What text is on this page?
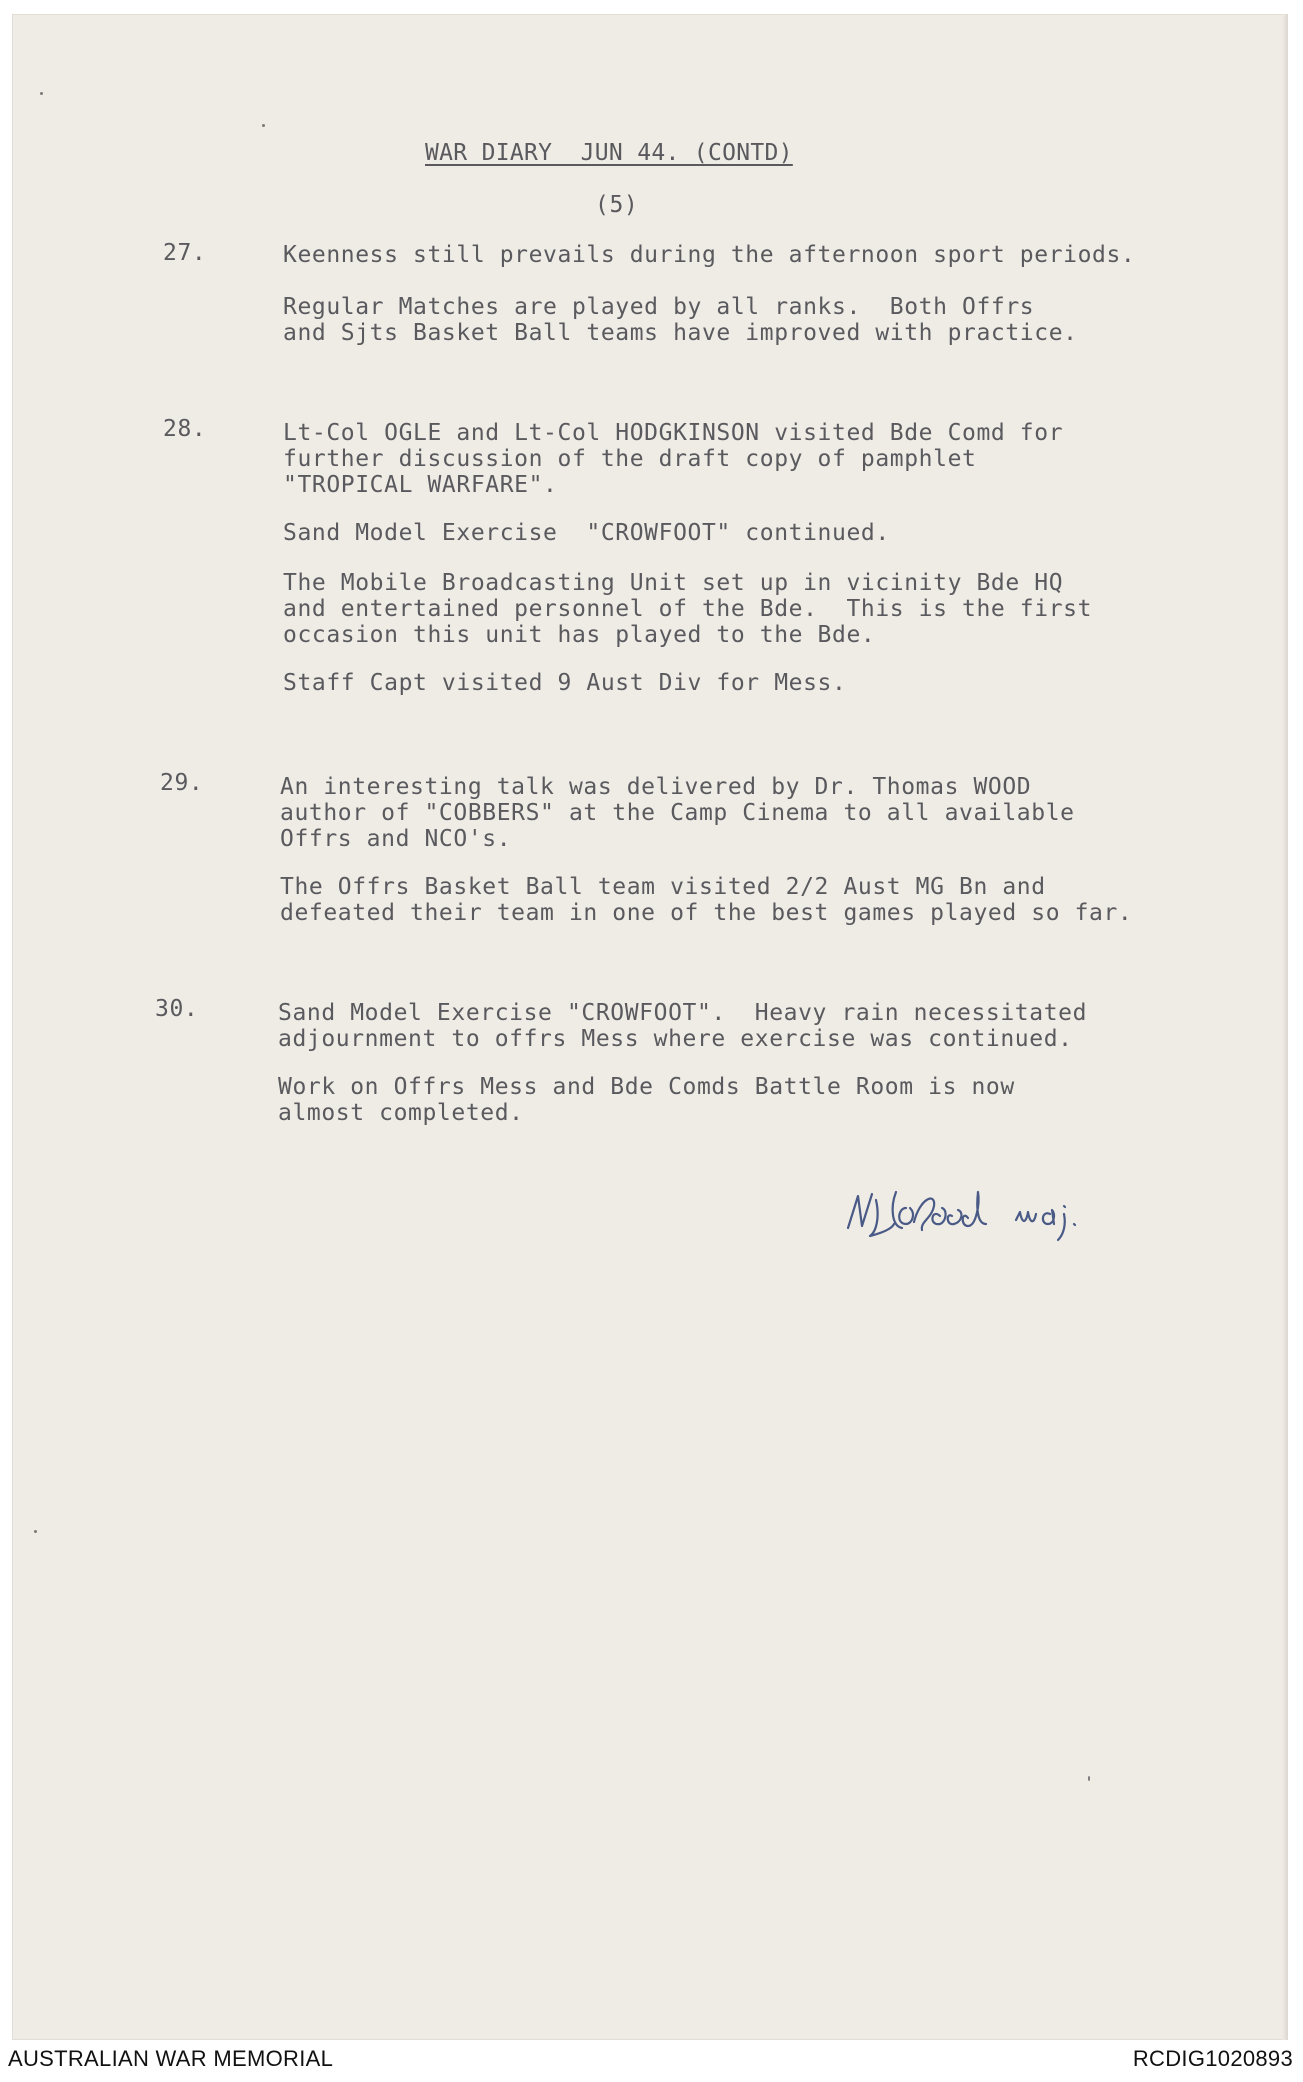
WAR DIARY  JUN 44. (CONTD)
(5)
27.	Keenness still prevails during the afternoon sport periods.
Regular Matches are played by all ranks.  Both Offrs
and Sjts Basket Ball teams have improved with practice.
28.	Lt-Col OGLE and Lt-Col HODGKINSON visited Bde Comd for
further discussion of the draft copy of pamphlet
"TROPICAL WARFARE".
Sand Model Exercise  "CROWFOOT" continued.
The Mobile Broadcasting Unit set up in vicinity Bde HQ
and entertained personnel of the Bde.  This is the first
occasion this unit has played to the Bde.
Staff Capt visited 9 Aust Div for Mess.
29.	An interesting talk was delivered by Dr. Thomas WOOD
author of "COBBERS" at the Camp Cinema to all available
Offrs and NCO's.
The Offrs Basket Ball team visited 2/2 Aust MG Bn and
defeated their team in one of the best games played so far.
30.	Sand Model Exercise "CROWFOOT".  Heavy rain necessitated
adjournment to offrs Mess where exercise was continued.
Work on Offrs Mess and Bde Comds Battle Room is now
almost completed.
AUSTRALIAN WAR MEMORIAL	RCDIG1020893
